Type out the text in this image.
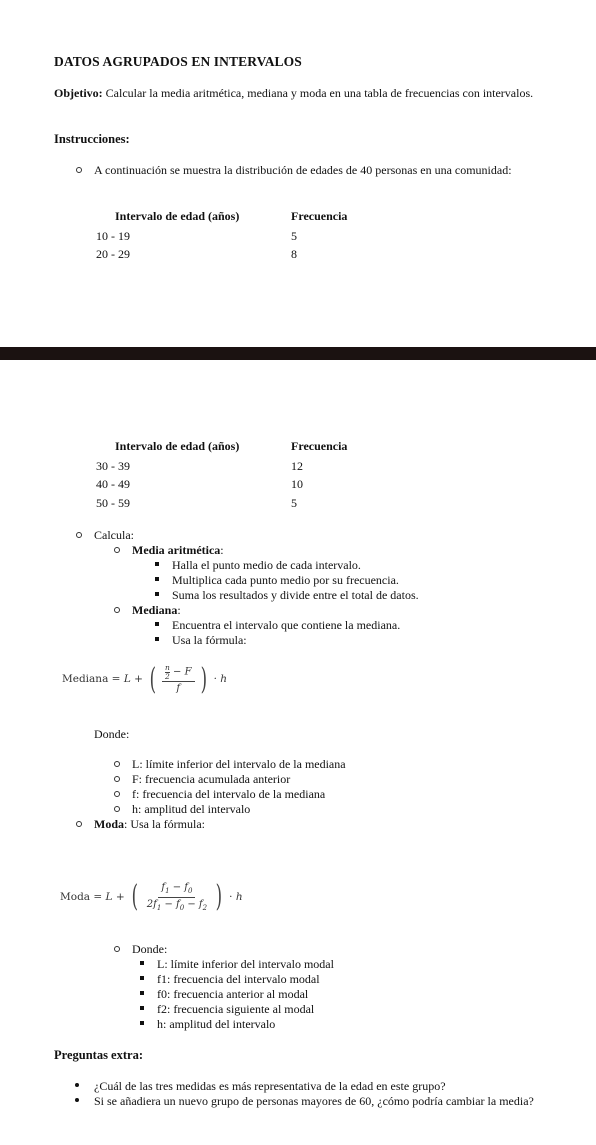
DATOS AGRUPADOS EN INTERVALOS
Objetivo: Calcular la media aritmética, mediana y moda en una tabla de frecuencias con intervalos.
Instrucciones:
A continuación se muestra la distribución de edades de 40 personas en una comunidad:
Intervalo de edad (años)	Frecuencia
10 - 19	5
20 - 29	8
Intervalo de edad (años)	Frecuencia
30 - 39	12
40 - 49	10
50 - 59	5
Calcula:
Media aritmética:
Halla el punto medio de cada intervalo.
Multiplica cada punto medio por su frecuencia.
Suma los resultados y divide entre el total de datos.
Mediana:
Encuentra el intervalo que contiene la mediana.
Usa la fórmula:
Mediana = L + ( $\frac{\frac{n}{2} - F}{f}$ ) · h
Donde:
L: límite inferior del intervalo de la mediana
F: frecuencia acumulada anterior
f: frecuencia del intervalo de la mediana
h: amplitud del intervalo
Moda: Usa la fórmula:
Moda = L + ( $\frac{f_1 - f_0}{2f_1 - f_0 - f_2}$ ) · h
Donde:
L: límite inferior del intervalo modal
f1: frecuencia del intervalo modal
f0: frecuencia anterior al modal
f2: frecuencia siguiente al modal
h: amplitud del intervalo
Preguntas extra:
¿Cuál de las tres medidas es más representativa de la edad en este grupo?
Si se añadiera un nuevo grupo de personas mayores de 60, ¿cómo podría cambiar la media?
